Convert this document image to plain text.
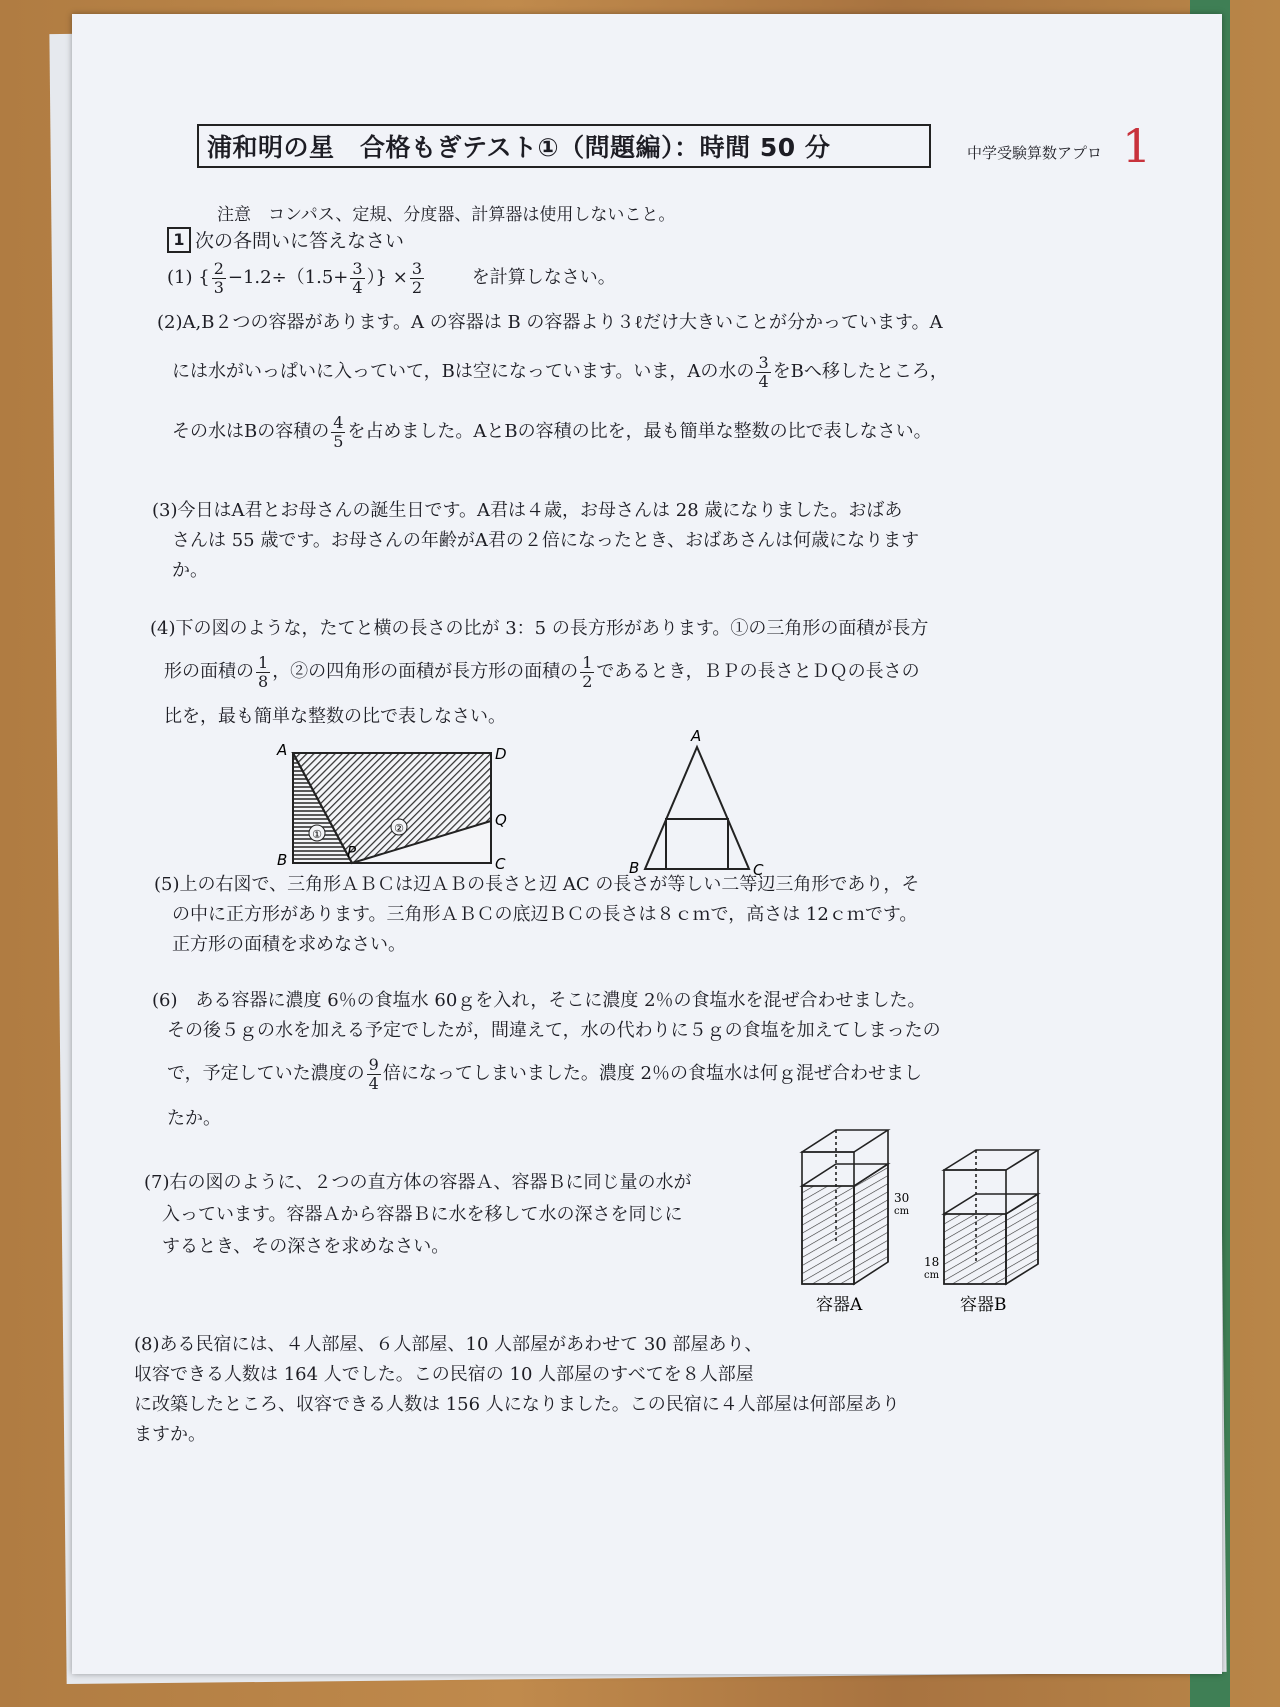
浦和明の星　合格もぎテスト①（問題編）：時間 50 分	中学受験算数アプロ 1
注意　コンパス、定規、分度器、計算器は使用しないこと。
1 次の各問いに答えなさい
(1) { $\frac{2}{3} -1.2\div(1.5+ \frac{3}{4}$ ）} × $\frac{3}{2}$	を計算しなさい。
(2)A,B２つの容器があります。A の容器は B の容器より３ℓだけ大きいことが分かっています。A
には水がいっぱいに入っていて，Bは空になっています。いま，Aの水の $\frac{3}{4}$ をBへ移したところ，
その水はBの容積の $\frac{4}{5}$ を占めました。AとBの容積の比を，最も簡単な整数の比で表しなさい。
(3)今日はA君とお母さんの誕生日です。A君は４歳，お母さんは 28 歳になりました。おばあ
さんは 55 歳です。お母さんの年齢がA君の２倍になったとき、おばあさんは何歳になります
か。
(4)下の図のような，たてと横の長さの比が 3：5 の長方形があります。①の三角形の面積が長方
形の面積の $\frac{1}{8}$ ，②の四角形の面積が長方形の面積の $\frac{1}{2}$ であるとき，ＢＰの長さとＤＱの長さの
比を，最も簡単な整数の比で表しなさい。
①	②
A	D
Q
B	C
P
A
B	C
(5)上の右図で、三角形ＡＢＣは辺ＡＢの長さと辺 AC の長さが等しい二等辺三角形であり，そ
の中に正方形があります。三角形ＡＢＣの底辺ＢＣの長さは８ｃｍで，高さは 12ｃｍです。
正方形の面積を求めなさい。
(6)　ある容器に濃度 6％の食塩水 60ｇを入れ，そこに濃度 2％の食塩水を混ぜ合わせました。
その後５ｇの水を加える予定でしたが，間違えて，水の代わりに５ｇの食塩を加えてしまったの
で，予定していた濃度の $\frac{9}{4}$ 倍になってしまいました。濃度 2％の食塩水は何ｇ混ぜ合わせまし
たか。
(7)右の図のように、２つの直方体の容器Ａ、容器Ｂに同じ量の水が
入っています。容器Ａから容器Ｂに水を移して水の深さを同じに
するとき、その深さを求めなさい。
30
cm
18
cm
容器A	容器B
(8)ある民宿には、４人部屋、６人部屋、10 人部屋があわせて 30 部屋あり、
収容できる人数は 164 人でした。この民宿の 10 人部屋のすべてを８人部屋
に改築したところ、収容できる人数は 156 人になりました。この民宿に４人部屋は何部屋あり
ますか。
